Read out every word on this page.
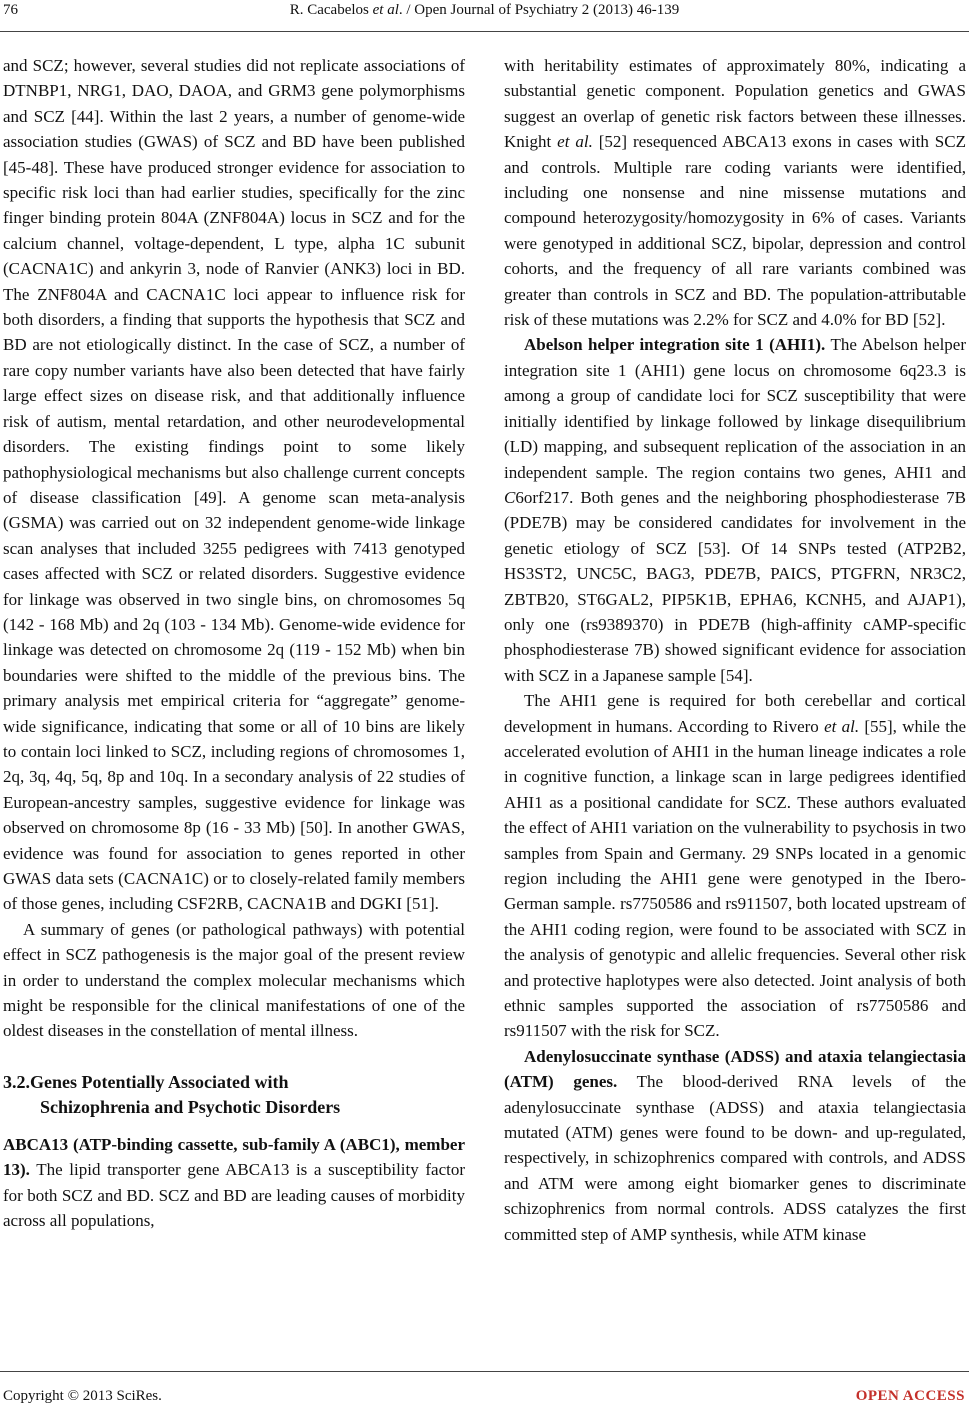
76	R. Cacabelos et al. / Open Journal of Psychiatry 2 (2013) 46-139

and SCZ; however, several studies did not replicate associations of DTNBP1, NRG1, DAO, DAOA, and GRM3 gene polymorphisms and SCZ [44]. Within the last 2 years, a number of genome-wide association studies (GWAS) of SCZ and BD have been published [45-48]. These have produced stronger evidence for association to specific risk loci than had earlier studies, specifically for the zinc finger binding protein 804A (ZNF804A) locus in SCZ and for the calcium channel, voltage-dependent, L type, alpha 1C subunit (CACNA1C) and ankyrin 3, node of Ranvier (ANK3) loci in BD. The ZNF804A and CACNA1C loci appear to influence risk for both disorders, a finding that supports the hypothesis that SCZ and BD are not etiologically distinct. In the case of SCZ, a number of rare copy number variants have also been detected that have fairly large effect sizes on disease risk, and that additionally influence risk of autism, mental retardation, and other neurodevelopmental disorders. The existing findings point to some likely pathophysiological mechanisms but also challenge current concepts of disease classification [49]. A genome scan meta-analysis (GSMA) was carried out on 32 independent genome-wide linkage scan analyses that included 3255 pedigrees with 7413 genotyped cases affected with SCZ or related disorders. Suggestive evidence for linkage was observed in two single bins, on chromosomes 5q (142 - 168 Mb) and 2q (103 - 134 Mb). Genome-wide evidence for linkage was detected on chromosome 2q (119 - 152 Mb) when bin boundaries were shifted to the middle of the previous bins. The primary analysis met empirical criteria for “aggregate” genome-wide significance, indicating that some or all of 10 bins are likely to contain loci linked to SCZ, including regions of chromosomes 1, 2q, 3q, 4q, 5q, 8p and 10q. In a secondary analysis of 22 studies of European-ancestry samples, suggestive evidence for linkage was observed on chromosome 8p (16 - 33 Mb) [50]. In another GWAS, evidence was found for association to genes reported in other GWAS data sets (CACNA1C) or to closely-related family members of those genes, including CSF2RB, CACNA1B and DGKI [51].

A summary of genes (or pathological pathways) with potential effect in SCZ pathogenesis is the major goal of the present review in order to understand the complex molecular mechanisms which might be responsible for the clinical manifestations of one of the oldest diseases in the constellation of mental illness.

3.2.Genes Potentially Associated with
Schizophrenia and Psychotic Disorders

ABCA13 (ATP-binding cassette, sub-family A (ABC1), member 13). The lipid transporter gene ABCA13 is a susceptibility factor for both SCZ and BD. SCZ and BD are leading causes of morbidity across all populations,

with heritability estimates of approximately 80%, indicating a substantial genetic component. Population genetics and GWAS suggest an overlap of genetic risk factors between these illnesses. Knight et al. [52] resequenced ABCA13 exons in cases with SCZ and controls. Multiple rare coding variants were identified, including one nonsense and nine missense mutations and compound heterozygosity/homozygosity in 6% of cases. Variants were genotyped in additional SCZ, bipolar, depression and control cohorts, and the frequency of all rare variants combined was greater than controls in SCZ and BD. The population-attributable risk of these mutations was 2.2% for SCZ and 4.0% for BD [52].

Abelson helper integration site 1 (AHI1). The Abelson helper integration site 1 (AHI1) gene locus on chromosome 6q23.3 is among a group of candidate loci for SCZ susceptibility that were initially identified by linkage followed by linkage disequilibrium (LD) mapping, and subsequent replication of the association in an independent sample. The region contains two genes, AHI1 and C6orf217. Both genes and the neighboring phosphodiesterase 7B (PDE7B) may be considered candidates for involvement in the genetic etiology of SCZ [53]. Of 14 SNPs tested (ATP2B2, HS3ST2, UNC5C, BAG3, PDE7B, PAICS, PTGFRN, NR3C2, ZBTB20, ST6GAL2, PIP5K1B, EPHA6, KCNH5, and AJAP1), only one (rs9389370) in PDE7B (high-affinity cAMP-specific phosphodiesterase 7B) showed significant evidence for association with SCZ in a Japanese sample [54].

The AHI1 gene is required for both cerebellar and cortical development in humans. According to Rivero et al. [55], while the accelerated evolution of AHI1 in the human lineage indicates a role in cognitive function, a linkage scan in large pedigrees identified AHI1 as a positional candidate for SCZ. These authors evaluated the effect of AHI1 variation on the vulnerability to psychosis in two samples from Spain and Germany. 29 SNPs located in a genomic region including the AHI1 gene were genotyped in the Ibero-German sample. rs7750586 and rs911507, both located upstream of the AHI1 coding region, were found to be associated with SCZ in the analysis of genotypic and allelic frequencies. Several other risk and protective haplotypes were also detected. Joint analysis of both ethnic samples supported the association of rs7750586 and rs911507 with the risk for SCZ.

Adenylosuccinate synthase (ADSS) and ataxia telangiectasia (ATM) genes. The blood-derived RNA levels of the adenylosuccinate synthase (ADSS) and ataxia telangiectasia mutated (ATM) genes were found to be down- and up-regulated, respectively, in schizophrenics compared with controls, and ADSS and ATM were among eight biomarker genes to discriminate schizophrenics from normal controls. ADSS catalyzes the first committed step of AMP synthesis, while ATM kinase

Copyright © 2013 SciRes.	OPEN ACCESS
